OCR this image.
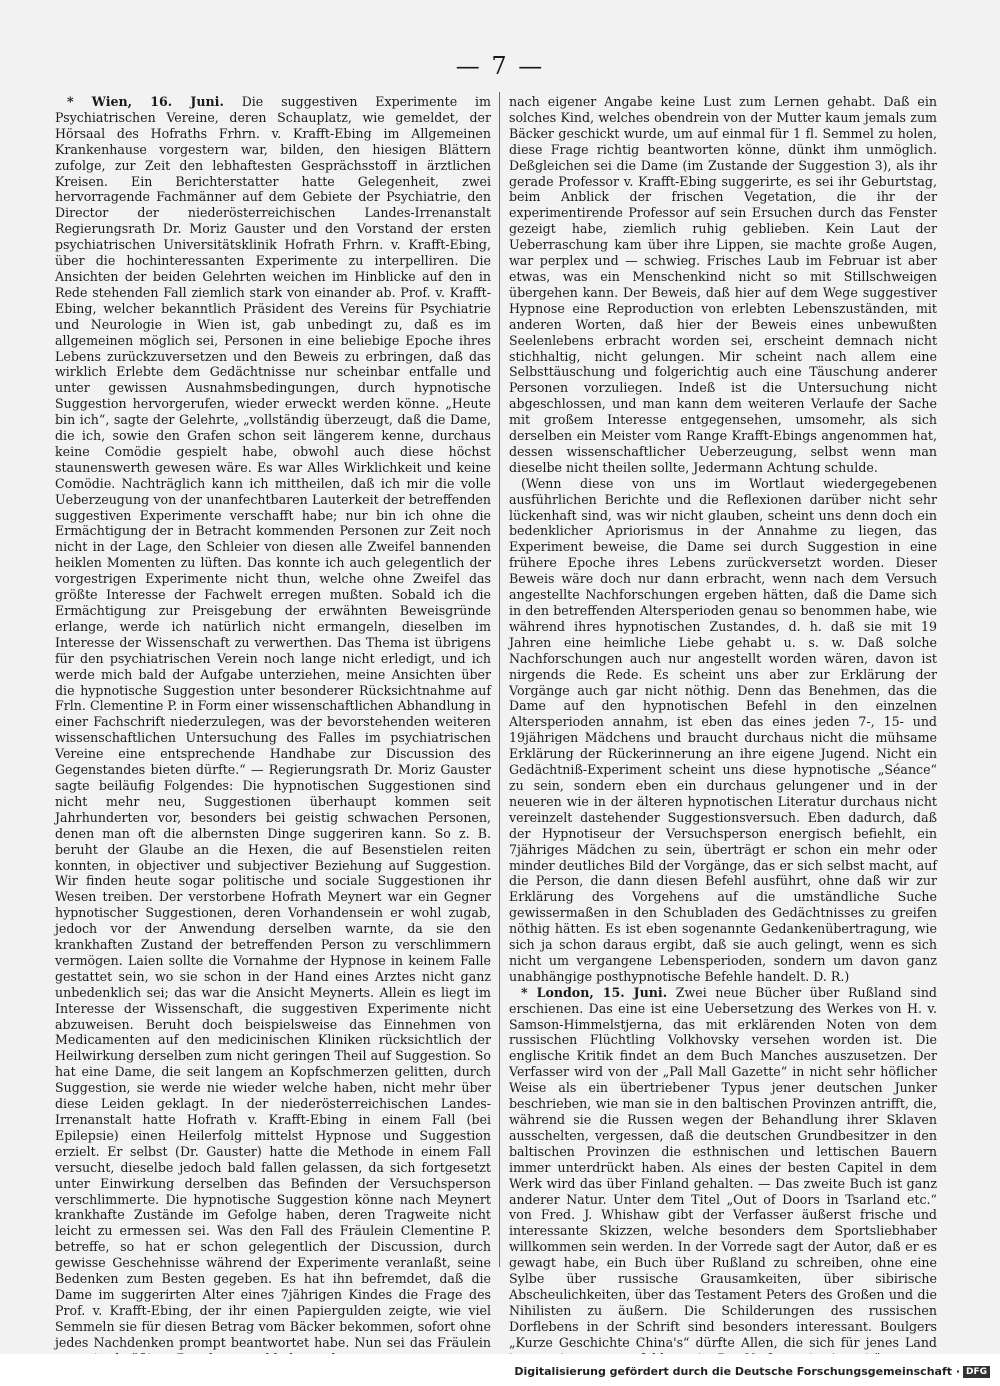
— 7 —

* Wien, 16. Juni. Die suggestiven Experimente im Psychiatrischen Vereine, deren Schauplatz, wie gemeldet, der Hörsaal des Hofraths Frhrn. v. Krafft-Ebing im Allgemeinen Krankenhause vorgestern war, bilden, den hiesigen Blättern zufolge, zur Zeit den lebhaftesten Gesprächsstoff in ärztlichen Kreisen. Ein Berichterstatter hatte Gelegenheit, zwei hervorragende Fachmänner auf dem Gebiete der Psychiatrie, den Director der niederösterreichischen Landes-Irrenanstalt Regierungsrath Dr. Moriz Gauster und den Vorstand der ersten psychiatrischen Universitätsklinik Hofrath Frhrn. v. Krafft-Ebing, über die hochinteressanten Experimente zu interpelliren. Die Ansichten der beiden Gelehrten weichen im Hinblicke auf den in Rede stehenden Fall ziemlich stark von einander ab. Prof. v. Krafft-Ebing, welcher bekanntlich Präsident des Vereins für Psychiatrie und Neurologie in Wien ist, gab unbedingt zu, daß es im allgemeinen möglich sei, Personen in eine beliebige Epoche ihres Lebens zurückzuversetzen und den Beweis zu erbringen, daß das wirklich Erlebte dem Gedächtnisse nur scheinbar entfalle und unter gewissen Ausnahmsbedingungen, durch hypnotische Suggestion hervorgerufen, wieder erweckt werden könne. „Heute bin ich“, sagte der Gelehrte, „vollständig überzeugt, daß die Dame, die ich, sowie den Grafen schon seit längerem kenne, durchaus keine Comödie gespielt habe, obwohl auch diese höchst staunenswerth gewesen wäre. Es war Alles Wirklichkeit und keine Comödie. Nachträglich kann ich mittheilen, daß ich mir die volle Ueberzeugung von der unanfechtbaren Lauterkeit der betreffenden suggestiven Experimente verschafft habe; nur bin ich ohne die Ermächtigung der in Betracht kommenden Personen zur Zeit noch nicht in der Lage, den Schleier von diesen alle Zweifel bannenden heiklen Momenten zu lüften. Das konnte ich auch gelegentlich der vorgestrigen Experimente nicht thun, welche ohne Zweifel das größte Interesse der Fachwelt erregen mußten. Sobald ich die Ermächtigung zur Preisgebung der erwähnten Beweisgründe erlange, werde ich natürlich nicht ermangeln, dieselben im Interesse der Wissenschaft zu verwerthen. Das Thema ist übrigens für den psychiatrischen Verein noch lange nicht erledigt, und ich werde mich bald der Aufgabe unterziehen, meine Ansichten über die hypnotische Suggestion unter besonderer Rücksichtnahme auf Frln. Clementine P. in Form einer wissenschaftlichen Abhandlung in einer Fachschrift niederzulegen, was der bevorstehenden weiteren wissenschaftlichen Untersuchung des Falles im psychiatrischen Vereine eine entsprechende Handhabe zur Discussion des Gegenstandes bieten dürfte.“ — Regierungsrath Dr. Moriz Gauster sagte beiläufig Folgendes: Die hypnotischen Suggestionen sind nicht mehr neu, Suggestionen überhaupt kommen seit Jahrhunderten vor, besonders bei geistig schwachen Personen, denen man oft die albernsten Dinge suggeriren kann. So z. B. beruht der Glaube an die Hexen, die auf Besenstielen reiten konnten, in objectiver und subjectiver Beziehung auf Suggestion. Wir finden heute sogar politische und sociale Suggestionen ihr Wesen treiben. Der verstorbene Hofrath Meynert war ein Gegner hypnotischer Suggestionen, deren Vorhandensein er wohl zugab, jedoch vor der Anwendung derselben warnte, da sie den krankhaften Zustand der betreffenden Person zu verschlimmern vermögen. Laien sollte die Vornahme der Hypnose in keinem Falle gestattet sein, wo sie schon in der Hand eines Arztes nicht ganz unbedenklich sei; das war die Ansicht Meynerts. Allein es liegt im Interesse der Wissenschaft, die suggestiven Experimente nicht abzuweisen. Beruht doch beispielsweise das Einnehmen von Medicamenten auf den medicinischen Kliniken rücksichtlich der Heilwirkung derselben zum nicht geringen Theil auf Suggestion. So hat eine Dame, die seit langem an Kopfschmerzen gelitten, durch Suggestion, sie werde nie wieder welche haben, nicht mehr über diese Leiden geklagt. In der niederösterreichischen Landes-Irrenanstalt hatte Hofrath v. Krafft-Ebing in einem Fall (bei Epilepsie) einen Heilerfolg mittelst Hypnose und Suggestion erzielt. Er selbst (Dr. Gauster) hatte die Methode in einem Fall versucht, dieselbe jedoch bald fallen gelassen, da sich fortgesetzt unter Einwirkung derselben das Befinden der Versuchsperson verschlimmerte. Die hypnotische Suggestion könne nach Meynert krankhafte Zustände im Gefolge haben, deren Tragweite nicht leicht zu ermessen sei. Was den Fall des Fräulein Clementine P. betreffe, so hat er schon gelegentlich der Discussion, durch gewisse Geschehnisse während der Experimente veranlaßt, seine Bedenken zum Besten gegeben. Es hat ihn befremdet, daß die Dame im suggerirten Alter eines 7jährigen Kindes die Frage des Prof. v. Krafft-Ebing, der ihr einen Papiergulden zeigte, wie viel Semmeln sie für diesen Betrag vom Bäcker bekommen, sofort ohne jedes Nachdenken prompt beantwortet habe. Nun sei das Fräulein

nach eigener Angabe keine Lust zum Lernen gehabt. Daß ein solches Kind, welches obendrein von der Mutter kaum jemals zum Bäcker geschickt wurde, um auf einmal für 1 fl. Semmel zu holen, diese Frage richtig beantworten könne, dünkt ihm unmöglich. Deßgleichen sei die Dame (im Zustande der Suggestion 3), als ihr gerade Professor v. Krafft-Ebing suggerirte, es sei ihr Geburtstag, beim Anblick der frischen Vegetation, die ihr der experimentirende Professor auf sein Ersuchen durch das Fenster gezeigt habe, ziemlich ruhig geblieben. Kein Laut der Ueberraschung kam über ihre Lippen, sie machte große Augen, war perplex und — schwieg. Frisches Laub im Februar ist aber etwas, was ein Menschenkind nicht so mit Stillschweigen übergehen kann. Der Beweis, daß hier auf dem Wege suggestiver Hypnose eine Reproduction von erlebten Lebenszuständen, mit anderen Worten, daß hier der Beweis eines unbewußten Seelenlebens erbracht worden sei, erscheint demnach nicht stichhaltig, nicht gelungen. Mir scheint nach allem eine Selbsttäuschung und folgerichtig auch eine Täuschung anderer Personen vorzuliegen. Indeß ist die Untersuchung nicht abgeschlossen, und man kann dem weiteren Verlaufe der Sache mit großem Interesse entgegensehen, umsomehr, als sich derselben ein Meister vom Range Krafft-Ebings angenommen hat, dessen wissenschaftlicher Ueberzeugung, selbst wenn man dieselbe nicht theilen sollte, Jedermann Achtung schulde.

(Wenn diese von uns im Wortlaut wiedergegebenen ausführlichen Berichte und die Reflexionen darüber nicht sehr lückenhaft sind, was wir nicht glauben, scheint uns denn doch ein bedenklicher Apriorismus in der Annahme zu liegen, das Experiment beweise, die Dame sei durch Suggestion in eine frühere Epoche ihres Lebens zurückversetzt worden. Dieser Beweis wäre doch nur dann erbracht, wenn nach dem Versuch angestellte Nachforschungen ergeben hätten, daß die Dame sich in den betreffenden Altersperioden genau so benommen habe, wie während ihres hypnotischen Zustandes, d. h. daß sie mit 19 Jahren eine heimliche Liebe gehabt u. s. w. Daß solche Nachforschungen auch nur angestellt worden wären, davon ist nirgends die Rede. Es scheint uns aber zur Erklärung der Vorgänge auch gar nicht nöthig. Denn das Benehmen, das die Dame auf den hypnotischen Befehl in den einzelnen Altersperioden annahm, ist eben das eines jeden 7-, 15- und 19jährigen Mädchens und braucht durchaus nicht die mühsame Erklärung der Rückerinnerung an ihre eigene Jugend. Nicht ein Gedächtniß-Experiment scheint uns diese hypnotische „Séance“ zu sein, sondern eben ein durchaus gelungener und in der neueren wie in der älteren hypnotischen Literatur durchaus nicht vereinzelt dastehender Suggestionsversuch. Eben dadurch, daß der Hypnotiseur der Versuchsperson energisch befiehlt, ein 7jähriges Mädchen zu sein, überträgt er schon ein mehr oder minder deutliches Bild der Vorgänge, das er sich selbst macht, auf die Person, die dann diesen Befehl ausführt, ohne daß wir zur Erklärung des Vorgehens auf die umständliche Suche gewissermaßen in den Schubladen des Gedächtnisses zu greifen nöthig hätten. Es ist eben sogenannte Gedankenübertragung, wie sich ja schon daraus ergibt, daß sie auch gelingt, wenn es sich nicht um vergangene Lebensperioden, sondern um davon ganz unabhängige posthypnotische Befehle handelt. D. R.)

* London, 15. Juni. Zwei neue Bücher über Rußland sind erschienen. Das eine ist eine Uebersetzung des Werkes von H. v. Samson-Himmelstjerna, das mit erklärenden Noten von dem russischen Flüchtling Volkhovsky versehen worden ist. Die englische Kritik findet an dem Buch Manches auszusetzen. Der Verfasser wird von der „Pall Mall Gazette“ in nicht sehr höflicher Weise als ein übertriebener Typus jener deutschen Junker beschrieben, wie man sie in den baltischen Provinzen antrifft, die, während sie die Russen wegen der Behandlung ihrer Sklaven ausschelten, vergessen, daß die deutschen Grundbesitzer in den baltischen Provinzen die esthnischen und lettischen Bauern immer unterdrückt haben. Als eines der besten Capitel in dem Werk wird das über Finland gehalten. — Das zweite Buch ist ganz anderer Natur. Unter dem Titel „Out of Doors in Tsarland etc.“ von Fred. J. Whishaw gibt der Verfasser äußerst frische und interessante Skizzen, welche besonders dem Sportsliebhaber willkommen sein werden. In der Vorrede sagt der Autor, daß er es gewagt habe, ein Buch über Rußland zu schreiben, ohne eine Sylbe über russische Grausamkeiten, über sibirische Abscheulichkeiten, über das Testament Peters des Großen und die Nihilisten zu äußern. Die Schilderungen des russischen Dorflebens in der Schrift sind besonders interessant. Boulgers „Kurze Geschichte China's“ dürfte Allen, die sich für jenes Land

Digitalisierung gefördert durch die Deutsche Forschungsgemeinschaft · DFG
